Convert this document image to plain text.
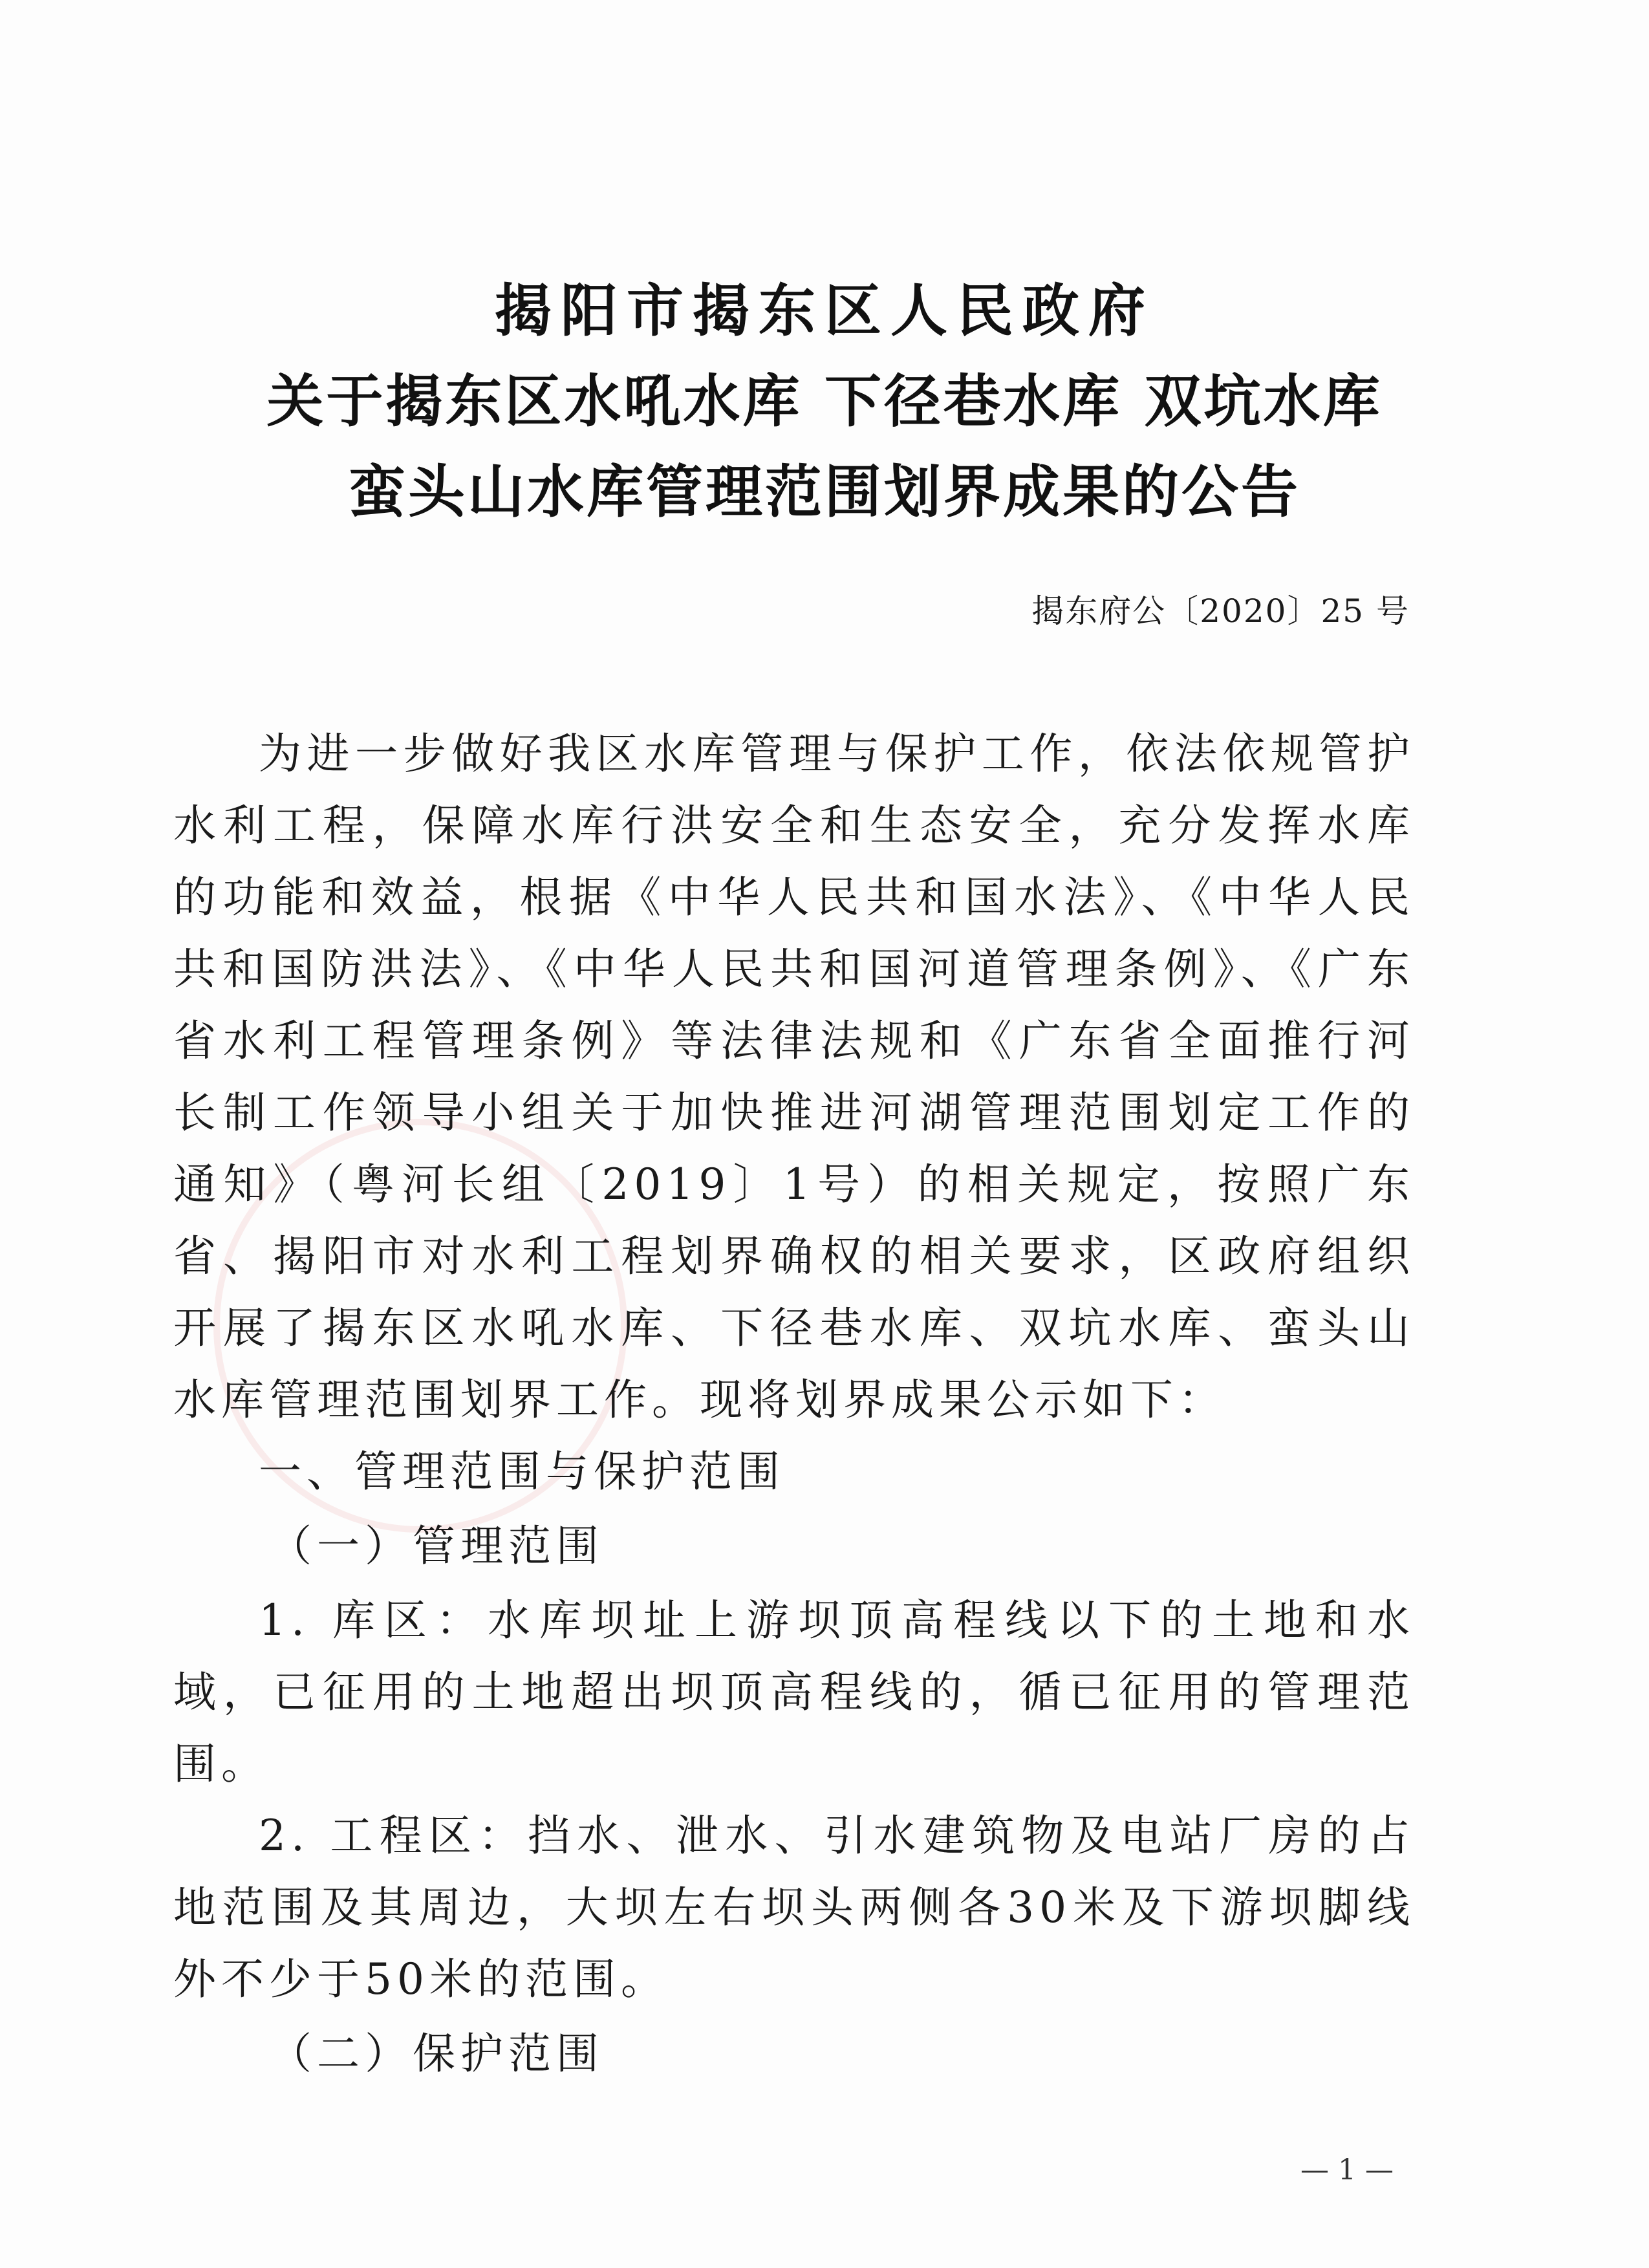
揭阳市揭东区人民政府
关于揭东区水吼水库 下径巷水库 双坑水库
蛮头山水库管理范围划界成果的公告
揭东府公〔2020〕25 号

为进一步做好我区水库管理与保护工作，依法依规管护水利工程，保障水库行洪安全和生态安全，充分发挥水库的功能和效益，根据《中华人民共和国水法》、《中华人民共和国防洪法》、《中华人民共和国河道管理条例》、《广东省水利工程管理条例》等法律法规和《广东省全面推行河长制工作领导小组关于加快推进河湖管理范围划定工作的通知》（粤河长组〔2019〕1号）的相关规定，按照广东省、揭阳市对水利工程划界确权的相关要求，区政府组织开展了揭东区水吼水库、下径巷水库、双坑水库、蛮头山水库管理范围划界工作。现将划界成果公示如下：

一、管理范围与保护范围

（一）管理范围

1. 库区：水库坝址上游坝顶高程线以下的土地和水域，已征用的土地超出坝顶高程线的，循已征用的管理范围。

2. 工程区：挡水、泄水、引水建筑物及电站厂房的占地范围及其周边，大坝左右坝头两侧各30米及下游坝脚线外不少于50米的范围。

（二）保护范围

— 1 —
